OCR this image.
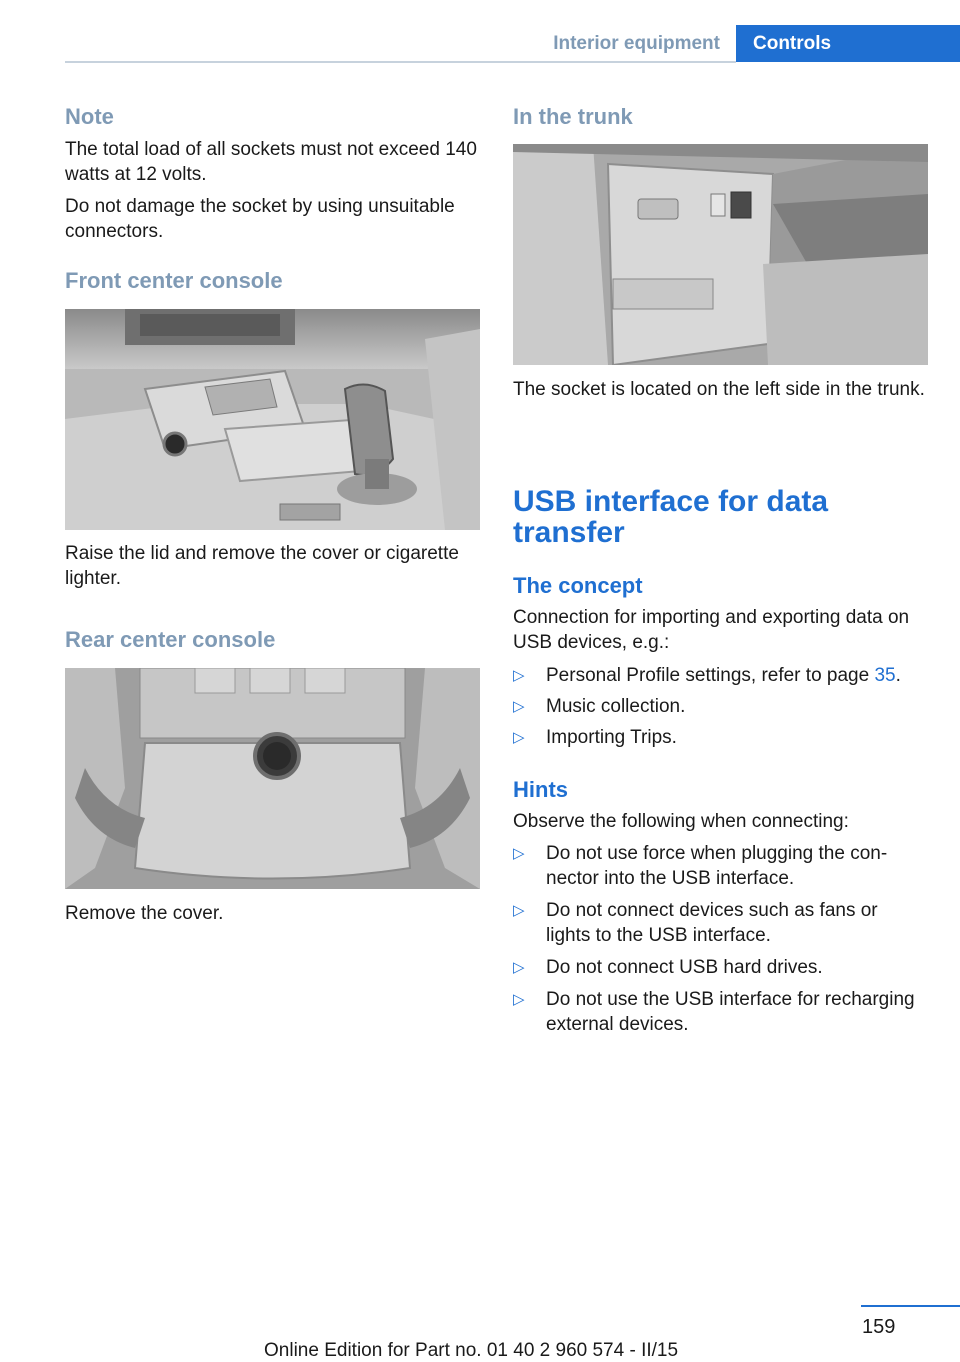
Interior equipment	Controls
Note

The total load of all sockets must not exceed 140 watts at 12 volts.

Do not damage the socket by using unsuitable connectors.

Front center console

Raise the lid and remove the cover or cigarette lighter.

Rear center console

Remove the cover.

In the trunk

The socket is located on the left side in the trunk.

USB interface for data transfer
The concept

Connection for importing and exporting data on USB devices, e.g.:

▷ Personal Profile settings, refer to page 35.
▷ Music collection.
▷ Importing Trips.
Hints

Observe the following when connecting:

▷ Do not use force when plugging the connector into the USB interface.
▷ Do not connect devices such as fans or lights to the USB interface.
▷ Do not connect USB hard drives.
▷ Do not use the USB interface for recharging external devices.
159
Online Edition for Part no. 01 40 2 960 574 - II/15
